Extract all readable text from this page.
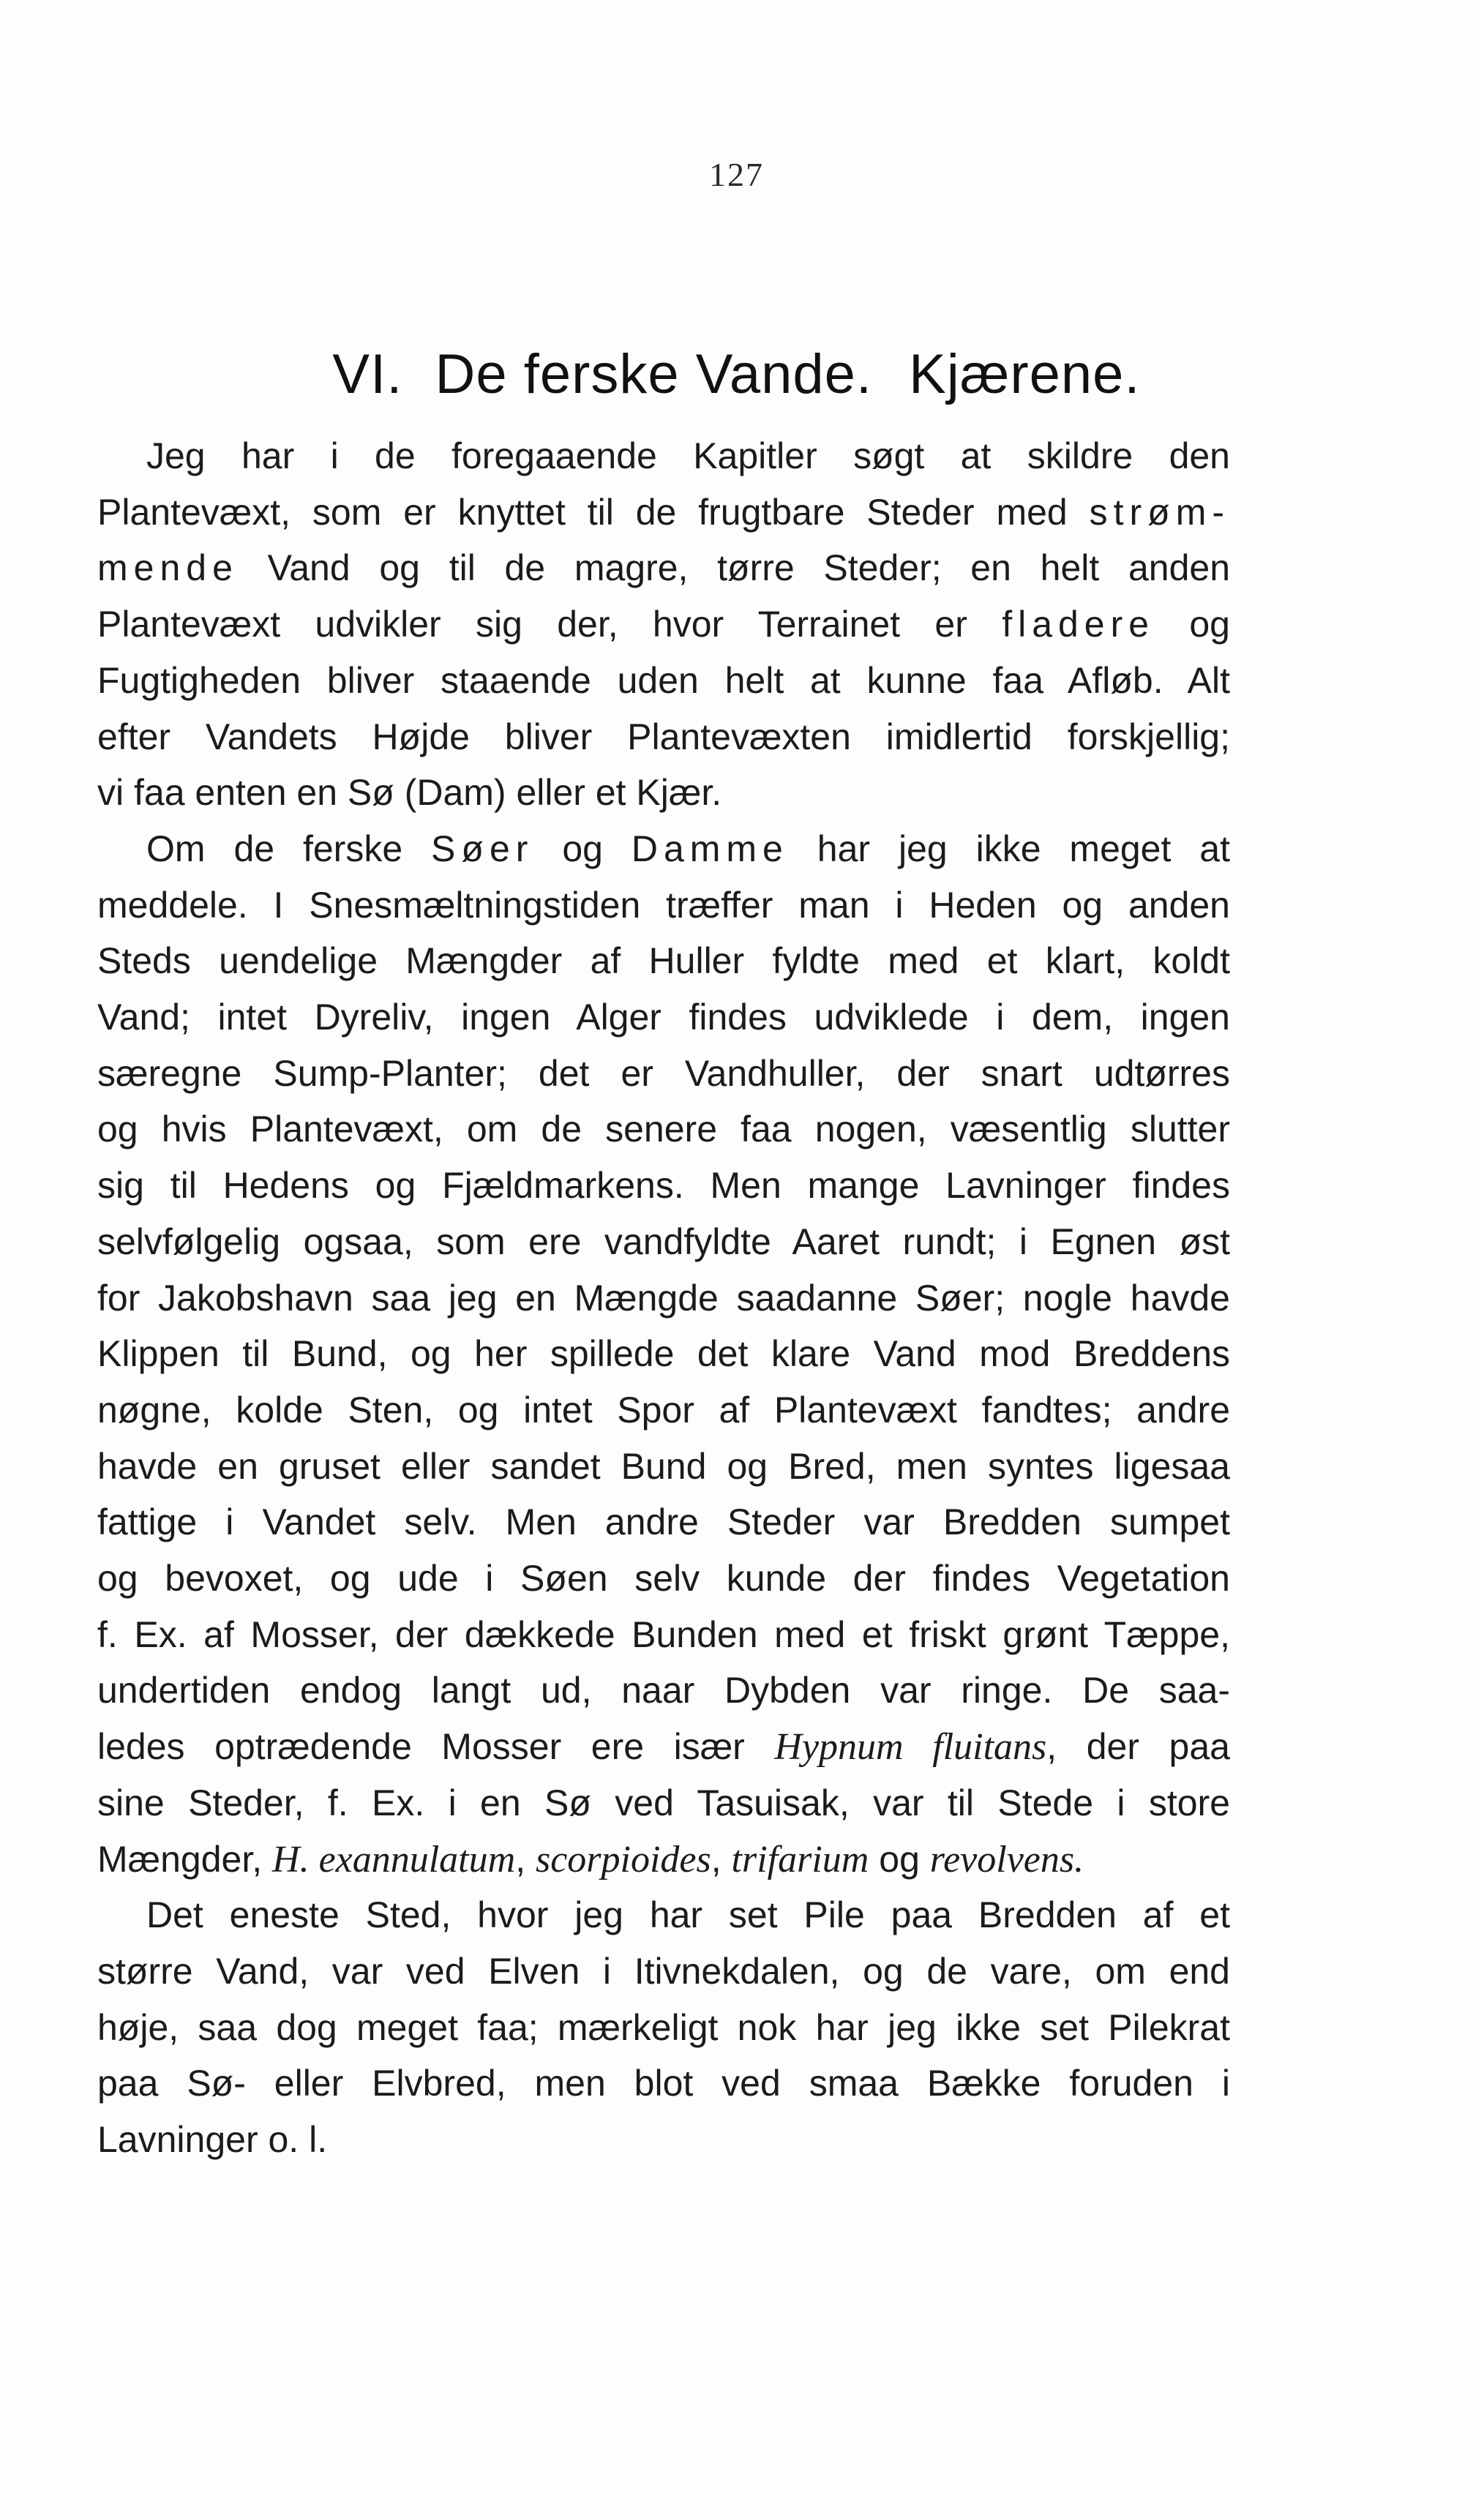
127
VI. De ferske Vande. Kjærene.
Jeg har i de foregaaende Kapitler søgt at skildre den
Plantevæxt, som er knyttet til de frugtbare Steder med strøm-
mende Vand og til de magre, tørre Steder; en helt anden
Plantevæxt udvikler sig der, hvor Terrainet er fladere og
Fugtigheden bliver staaende uden helt at kunne faa Afløb. Alt
efter Vandets Højde bliver Plantevæxten imidlertid forskjellig;
vi faa enten en Sø (Dam) eller et Kjær.
Om de ferske Søer og Damme har jeg ikke meget at
meddele. I Snesmæltningstiden træffer man i Heden og anden
Steds uendelige Mængder af Huller fyldte med et klart, koldt
Vand; intet Dyreliv, ingen Alger findes udviklede i dem, ingen
særegne Sump-Planter; det er Vandhuller, der snart udtørres
og hvis Plantevæxt, om de senere faa nogen, væsentlig slutter
sig til Hedens og Fjældmarkens. Men mange Lavninger findes
selvfølgelig ogsaa, som ere vandfyldte Aaret rundt; i Egnen øst
for Jakobshavn saa jeg en Mængde saadanne Søer; nogle havde
Klippen til Bund, og her spillede det klare Vand mod Breddens
nøgne, kolde Sten, og intet Spor af Plantevæxt fandtes; andre
havde en gruset eller sandet Bund og Bred, men syntes ligesaa
fattige i Vandet selv. Men andre Steder var Bredden sumpet
og bevoxet, og ude i Søen selv kunde der findes Vegetation
f. Ex. af Mosser, der dækkede Bunden med et friskt grønt Tæppe,
undertiden endog langt ud, naar Dybden var ringe. De saa-
ledes optrædende Mosser ere især Hypnum fluitans, der paa
sine Steder, f. Ex. i en Sø ved Tasuisak, var til Stede i store
Mængder, H. exannulatum, scorpioides, trifarium og revolvens.
Det eneste Sted, hvor jeg har set Pile paa Bredden af et
større Vand, var ved Elven i Itivnekdalen, og de vare, om end
høje, saa dog meget faa; mærkeligt nok har jeg ikke set Pilekrat
paa Sø- eller Elvbred, men blot ved smaa Bække foruden i
Lavninger o. l.
